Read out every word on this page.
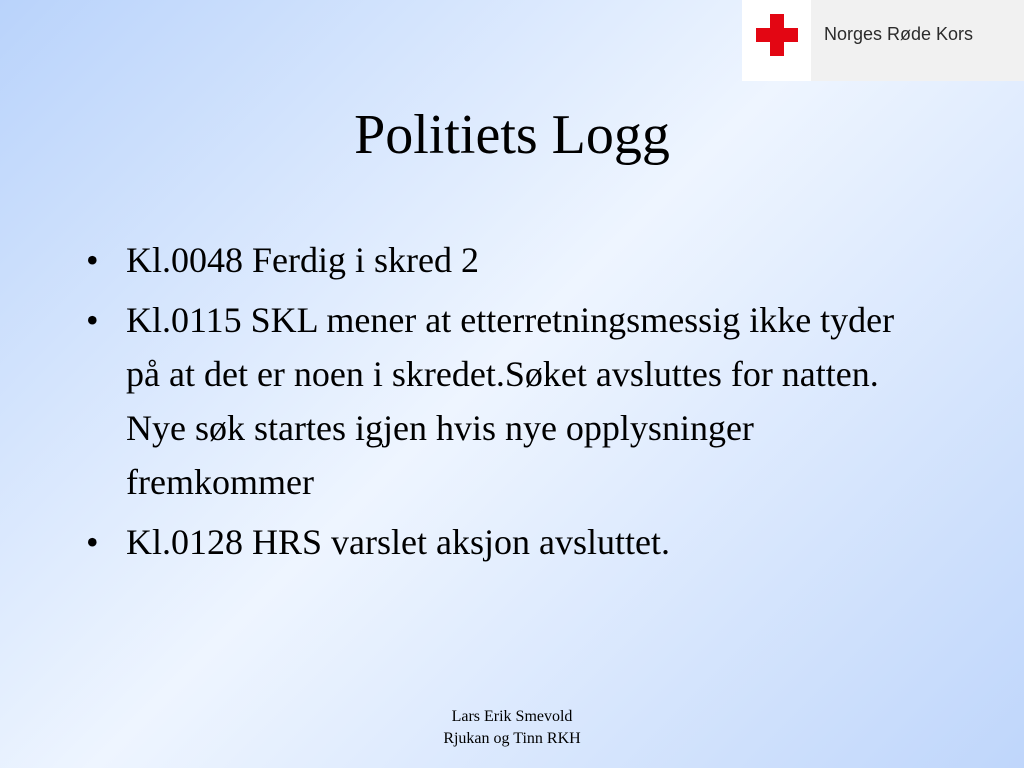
Norges Røde Kors
Politiets Logg
• Kl.0048 Ferdig i skred 2
• Kl.0115 SKL mener at etterretningsmessig ikke tyder på at det er noen i skredet.Søket avsluttes for natten. Nye søk startes igjen hvis nye opplysninger fremkommer
• Kl.0128 HRS varslet aksjon avsluttet.
Lars Erik Smevold
Rjukan og Tinn RKH
